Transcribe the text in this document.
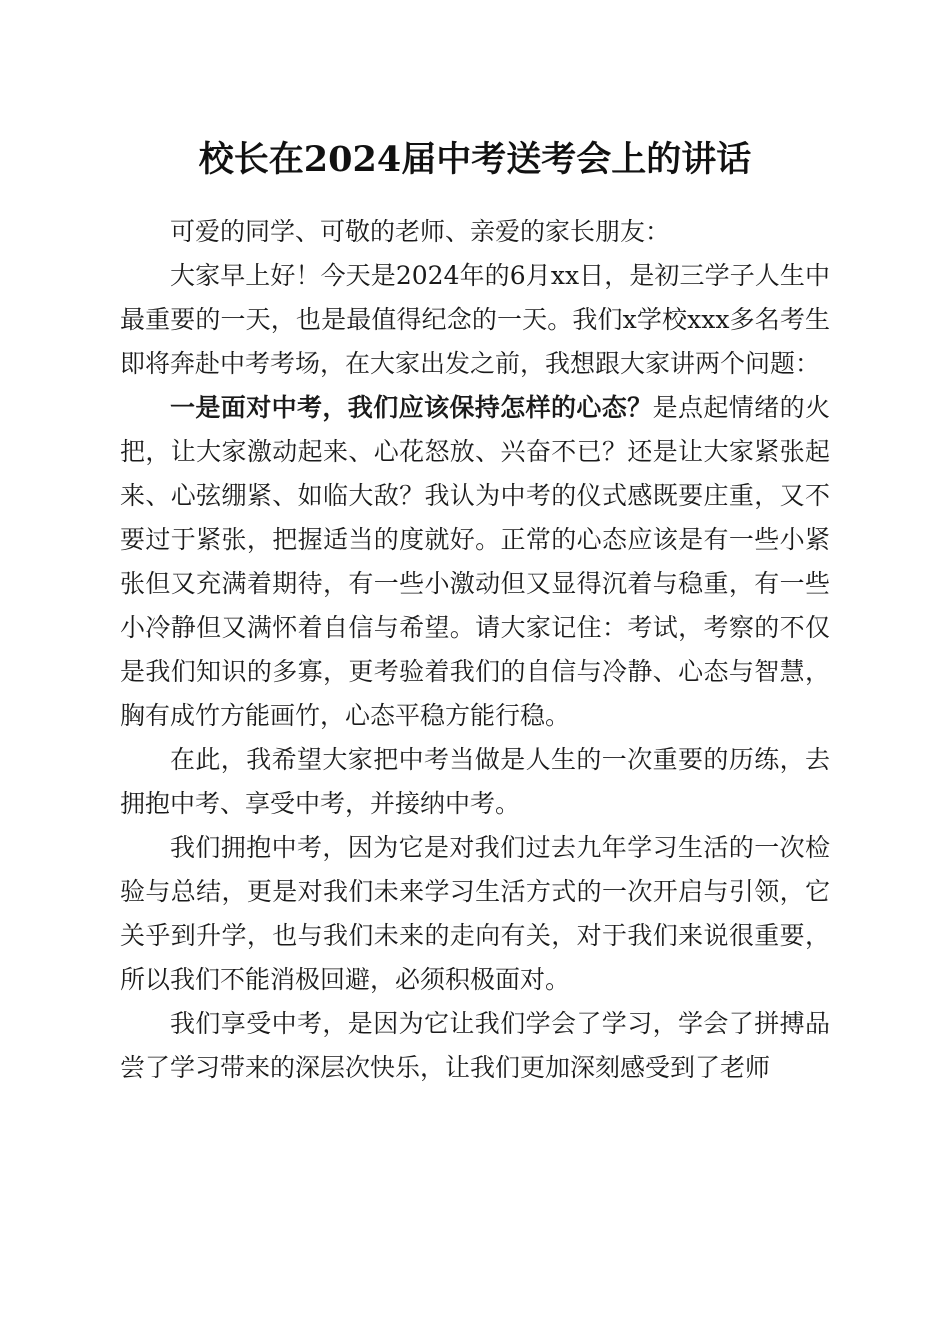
校长在2024届中考送考会上的讲话

可爱的同学、可敬的老师、亲爱的家长朋友：

大家早上好！今天是2024年的6月xx日，是初三学子人生中最重要的一天，也是最值得纪念的一天。我们x学校xxx多名考生即将奔赴中考考场，在大家出发之前，我想跟大家讲两个问题：

一是面对中考，我们应该保持怎样的心态？是点起情绪的火把，让大家激动起来、心花怒放、兴奋不已？还是让大家紧张起来、心弦绷紧、如临大敌？我认为中考的仪式感既要庄重，又不要过于紧张，把握适当的度就好。正常的心态应该是有一些小紧张但又充满着期待，有一些小激动但又显得沉着与稳重，有一些小冷静但又满怀着自信与希望。请大家记住：考试，考察的不仅是我们知识的多寡，更考验着我们的自信与冷静、心态与智慧，胸有成竹方能画竹，心态平稳方能行稳。

在此，我希望大家把中考当做是人生的一次重要的历练，去拥抱中考、享受中考，并接纳中考。

我们拥抱中考，因为它是对我们过去九年学习生活的一次检验与总结，更是对我们未来学习生活方式的一次开启与引领，它关乎到升学，也与我们未来的走向有关，对于我们来说很重要，所以我们不能消极回避，必须积极面对。

我们享受中考，是因为它让我们学会了学习，学会了拼搏品尝了学习带来的深层次快乐，让我们更加深刻感受到了老师
